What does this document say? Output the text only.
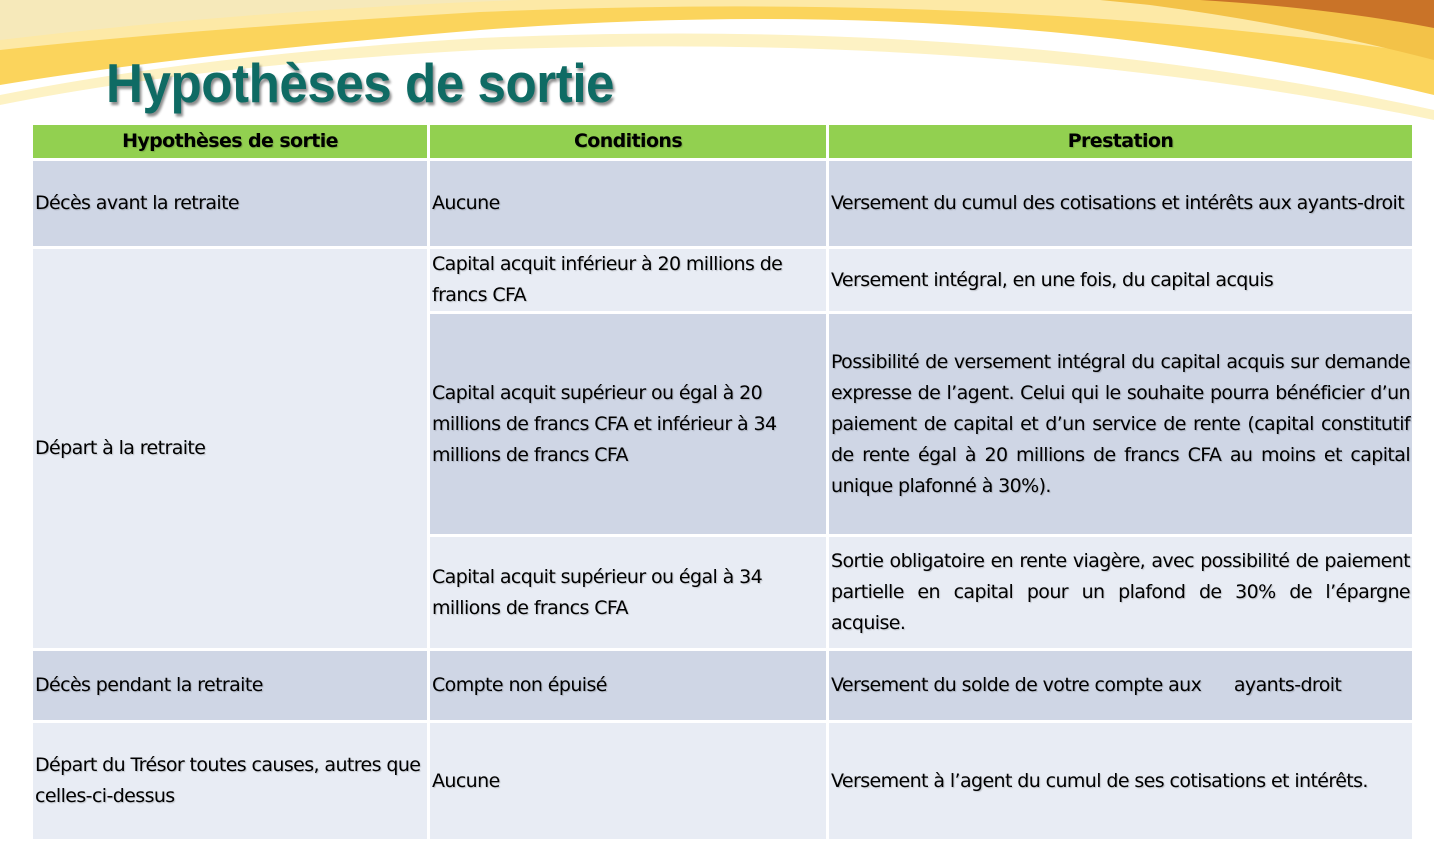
Hypothèses de sortie
Hypothèses de sortie	Conditions	Prestation
Décès avant la retraite	Aucune	Versement du cumul des cotisations et intérêts aux ayants-droit
Départ à la retraite	Capital acquit inférieur à 20 millions de francs CFA	Versement intégral, en une fois, du capital acquis
	Capital acquit supérieur ou égal à 20 millions de francs CFA et inférieur à 34 millions de francs CFA	Possibilité de versement intégral du capital acquis sur demande expresse de l’agent. Celui qui le souhaite pourra bénéficier d’un paiement de capital et d’un service de rente (capital constitutif de rente égal à 20 millions de francs CFA au moins et capital unique plafonné à 30%).
	Capital acquit supérieur ou égal à 34 millions de francs CFA	Sortie obligatoire en rente viagère, avec possibilité de paiement partielle en capital pour un plafond de 30% de l’épargne acquise.
Décès pendant la retraite	Compte non épuisé	Versement du solde de votre compte aux      ayants-droit
Départ du Trésor toutes causes, autres que celles-ci-dessus	Aucune	Versement à l’agent du cumul de ses cotisations et intérêts.
